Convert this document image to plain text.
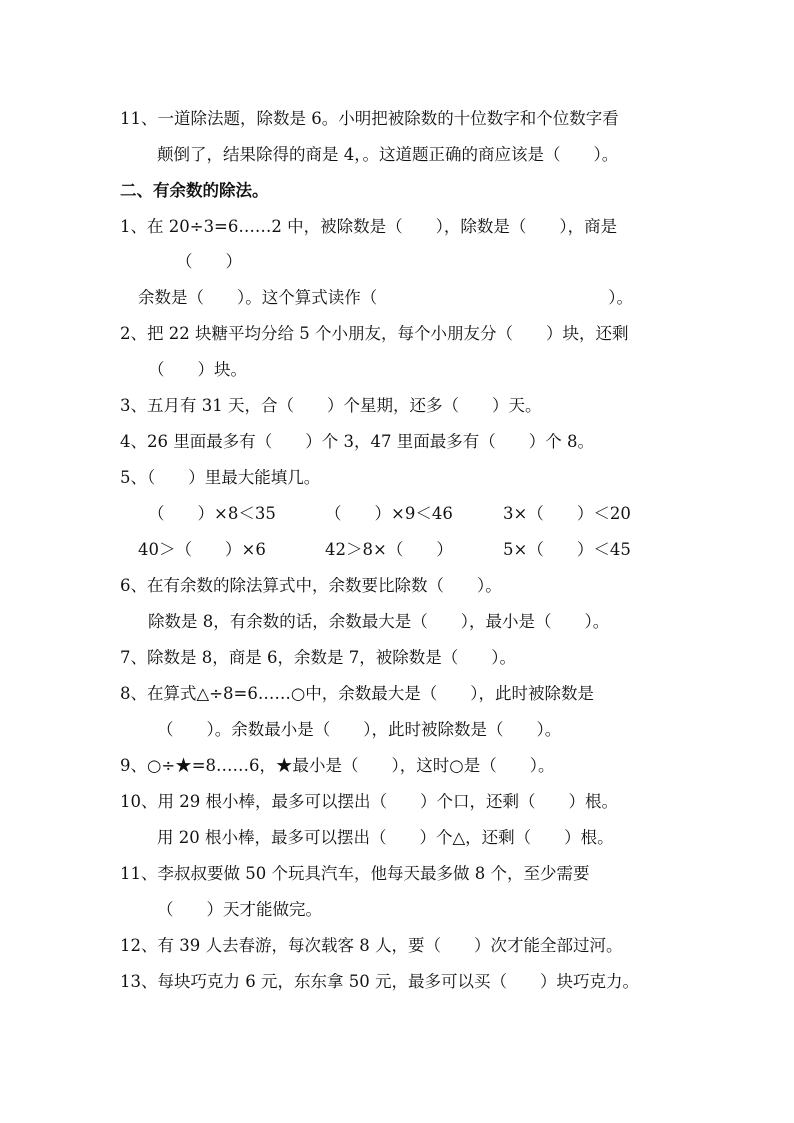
11、一道除法题，除数是 6。小明把被除数的十位数字和个位数字看
颠倒了，结果除得的商是 4，。这道题正确的商应该是（　　）。
二、有余数的除法。
1、在 20÷3=6……2 中，被除数是（　　），除数是（　　），商是
（　　）
余数是（　　）。这个算式读作（　　　　　　　　　　　　　　）。
2、把 22 块糖平均分给 5 个小朋友，每个小朋友分（　　）块，还剩
（　　）块。
3、五月有 31 天，合（　　）个星期，还多（　　）天。
4、26 里面最多有（　　）个 3，47 里面最多有（　　）个 8。
5、（　　）里最大能填几。

（　　）×8＜35

	（　　）×9＜46

	3×（　　）＜20

40＞（　　）×6

	42＞8×（　　）

	5×（　　）＜45

6、在有余数的除法算式中，余数要比除数（　　）。
除数是 8，有余数的话，余数最大是（　　），最小是（　　）。
7、除数是 8，商是 6，余数是 7，被除数是（　　）。
8、在算式△÷8=6……○中，余数最大是（　　），此时被除数是
（　　）。余数最小是（　　），此时被除数是（　　）。
9、○÷★=8……6，★最小是（　　），这时○是（　　）。
10、用 29 根小棒，最多可以摆出（　　）个口，还剩（　　）根。
用 20 根小棒，最多可以摆出（　　）个△，还剩（　　）根。
11、李叔叔要做 50 个玩具汽车，他每天最多做 8 个，至少需要
（　　）天才能做完。
12、有 39 人去春游，每次载客 8 人，要（　　）次才能全部过河。
13、每块巧克力 6 元，东东拿 50 元，最多可以买（　　）块巧克力。
